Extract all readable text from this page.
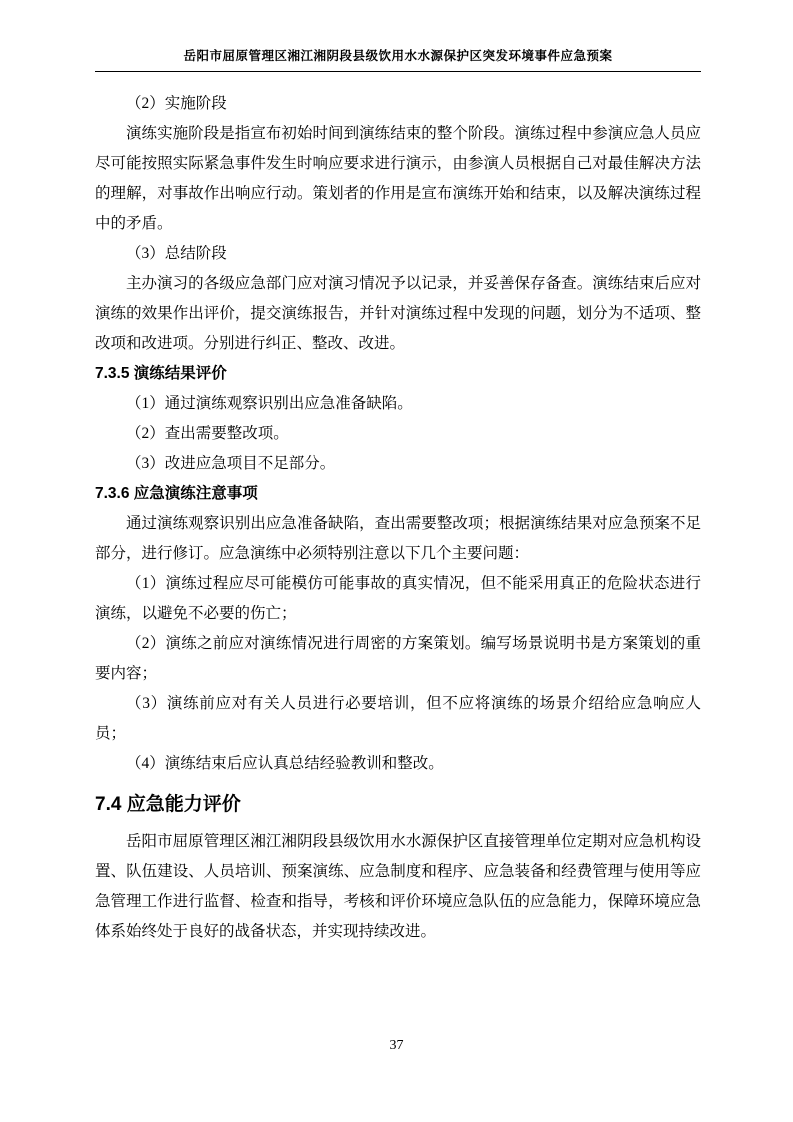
岳阳市屈原管理区湘江湘阴段县级饮用水水源保护区突发环境事件应急预案

（2）实施阶段

演练实施阶段是指宣布初始时间到演练结束的整个阶段。演练过程中参演应急人员应尽可能按照实际紧急事件发生时响应要求进行演示，由参演人员根据自己对最佳解决方法的理解，对事故作出响应行动。策划者的作用是宣布演练开始和结束，以及解决演练过程中的矛盾。

（3）总结阶段

主办演习的各级应急部门应对演习情况予以记录，并妥善保存备查。演练结束后应对演练的效果作出评价，提交演练报告，并针对演练过程中发现的问题，划分为不适项、整改项和改进项。分别进行纠正、整改、改进。

7.3.5 演练结果评价

（1）通过演练观察识别出应急准备缺陷。

（2）查出需要整改项。

（3）改进应急项目不足部分。

7.3.6 应急演练注意事项

通过演练观察识别出应急准备缺陷，查出需要整改项；根据演练结果对应急预案不足部分，进行修订。应急演练中必须特别注意以下几个主要问题：

（1）演练过程应尽可能模仿可能事故的真实情况，但不能采用真正的危险状态进行演练，以避免不必要的伤亡；

（2）演练之前应对演练情况进行周密的方案策划。编写场景说明书是方案策划的重要内容；

（3）演练前应对有关人员进行必要培训，但不应将演练的场景介绍给应急响应人员；

（4）演练结束后应认真总结经验教训和整改。

7.4 应急能力评价

岳阳市屈原管理区湘江湘阴段县级饮用水水源保护区直接管理单位定期对应急机构设置、队伍建设、人员培训、预案演练、应急制度和程序、应急装备和经费管理与使用等应急管理工作进行监督、检查和指导，考核和评价环境应急队伍的应急能力，保障环境应急体系始终处于良好的战备状态，并实现持续改进。

37
